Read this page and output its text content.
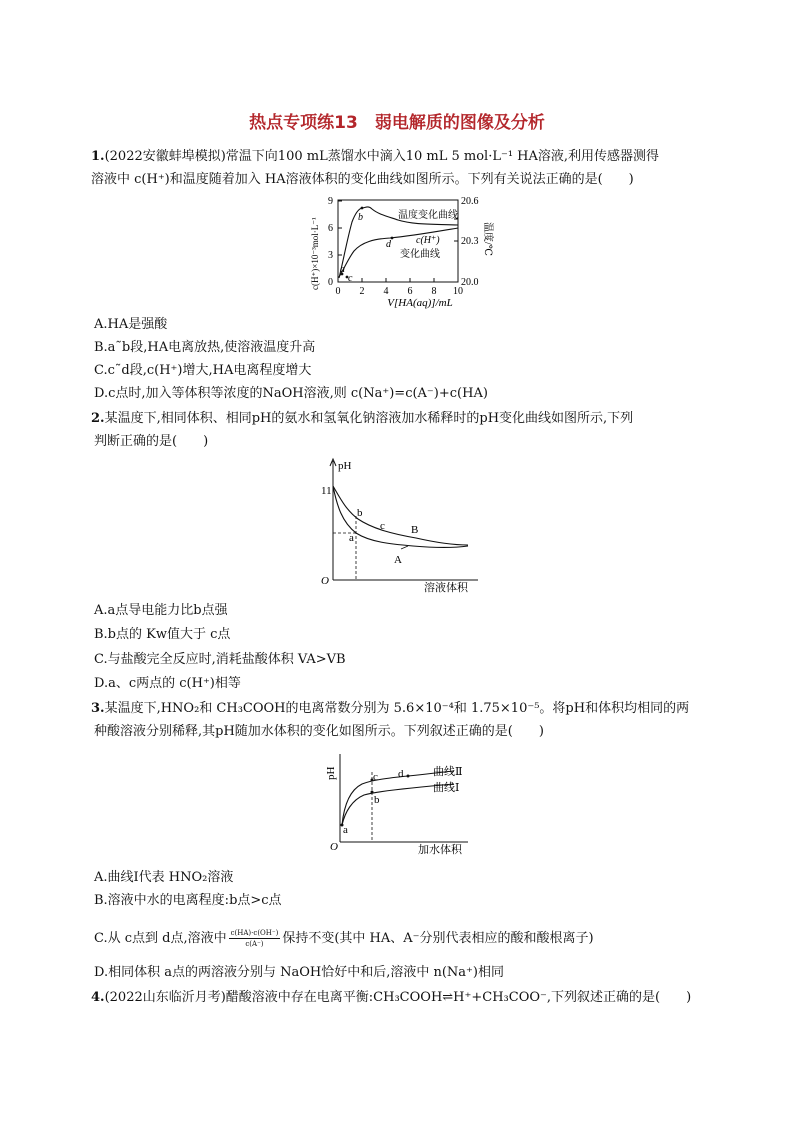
热点专项练13　弱电解质的图像及分析
1.(2022安徽蚌埠模拟)常温下向100 mL蒸馏水中滴入10 mL 5 mol·L⁻¹ HA溶液,利用传感器测得
溶液中 c(H⁺)和温度随着加入 HA溶液体积的变化曲线如图所示。下列有关说法正确的是(　　)
0
3
6
9	20.6
20.3
20.0
0 2 4 6 8 10
V[HA(aq)]/mL
c(H⁺)×10⁻³mol·L⁻¹	温度/℃
a
b
c
d
温度变化曲线
c(H⁺)
变化曲线
A.HA是强酸
B.a˜b段,HA电离放热,使溶液温度升高
C.c˜d段,c(H⁺)增大,HA电离程度增大
D.c点时,加入等体积等浓度的NaOH溶液,则 c(Na⁺)=c(A⁻)+c(HA)
2.某温度下,相同体积、相同pH的氨水和氢氧化钠溶液加水稀释时的pH变化曲线如图所示,下列
判断正确的是(　　)
pH
11
O
溶液体积
a
b
c B
A
A.a点导电能力比b点强
B.b点的 Kw值大于 c点
C.与盐酸完全反应时,消耗盐酸体积 VA>VB
D.a、c两点的 c(H⁺)相等
3.某温度下,HNO₂和 CH₃COOH的电离常数分别为 5.6×10⁻⁴和 1.75×10⁻⁵。将pH和体积均相同的两
种酸溶液分别稀释,其pH随加水体积的变化如图所示。下列叙述正确的是(　　)
pH
O	加水体积
a
b
c d	曲线Ⅱ
曲线Ⅰ
A.曲线Ⅰ代表 HNO₂溶液
B.溶液中水的电离程度:b点>c点
C.从 c点到 d点,溶液中 $\frac{c(HA)\cdot c(OH^-)}{c(A^-)}$ 保持不变(其中 HA、A⁻分别代表相应的酸和酸根离子)
D.相同体积 a点的两溶液分别与 NaOH恰好中和后,溶液中 n(Na⁺)相同
4.(2022山东临沂月考)醋酸溶液中存在电离平衡:CH₃COOH⇌H⁺+CH₃COO⁻,下列叙述正确的是(　　)
